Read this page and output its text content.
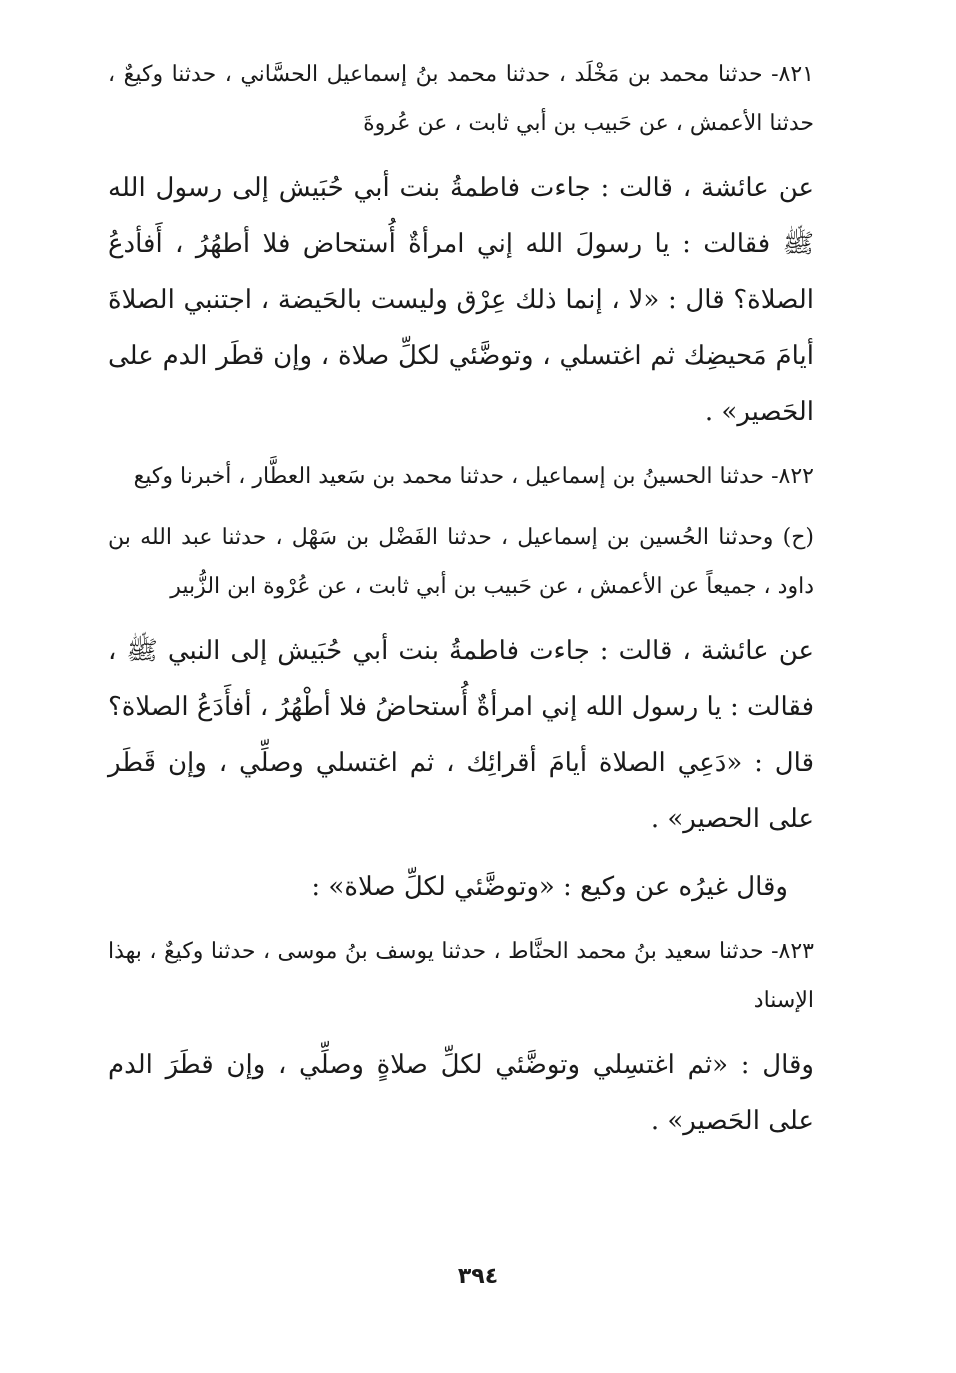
٨٢١- حدثنا محمد بن مَخْلَد ، حدثنا محمد بنُ إسماعيل الحسَّاني ، حدثنا وكيعٌ ، حدثنا الأعمش ، عن حَبيب بن أبي ثابت ، عن عُروةَ

عن عائشة ، قالت : جاءت فاطمةُ بنت أبي حُبَيش إلى رسول الله ﷺ فقالت : يا رسولَ الله إني امرأةٌ أُستحاض فلا أطهُرُ ، أَفأدعُ الصلاة؟ قال : «لا ، إنما ذلك عِرْق وليست بالحَيضة ، اجتنبي الصلاةَ أيامَ مَحيضِك ثم اغتسلي ، وتوضَّئي لكلِّ صلاة ، وإن قطَر الدم على الحَصير» .

٨٢٢- حدثنا الحسينُ بن إسماعيل ، حدثنا محمد بن سَعيد العطَّار ، أخبرنا وكيع

(ح) وحدثنا الحُسين بن إسماعيل ، حدثنا الفَضْل بن سَهْل ، حدثنا عبد الله بن داود ، جميعاً عن الأعمش ، عن حَبيب بن أبي ثابت ، عن عُرْوة ابن الزُّبير

عن عائشة ، قالت : جاءت فاطمةُ بنت أبي حُبَيش إلى النبي ﷺ ، فقالت : يا رسول الله إني امرأةٌ أُستحاضُ فلا أطْهُرُ ، أفأَدَعُ الصلاة؟ قال : «دَعِي الصلاة أيامَ أقرائِك ، ثم اغتسلي وصلِّي ، وإن قَطَر على الحصير» .

وقال غيرُه عن وكيع : «وتوضَّئي لكلِّ صلاة» :

٨٢٣- حدثنا سعيد بنُ محمد الحنَّاط ، حدثنا يوسف بنُ موسى ، حدثنا وكيعٌ ، بهذا الإسناد

وقال : «ثم اغتسِلي وتوضَّئي لكلِّ صلاةٍ وصلِّي ، وإن قطَرَ الدم على الحَصير» .

٣٩٤
